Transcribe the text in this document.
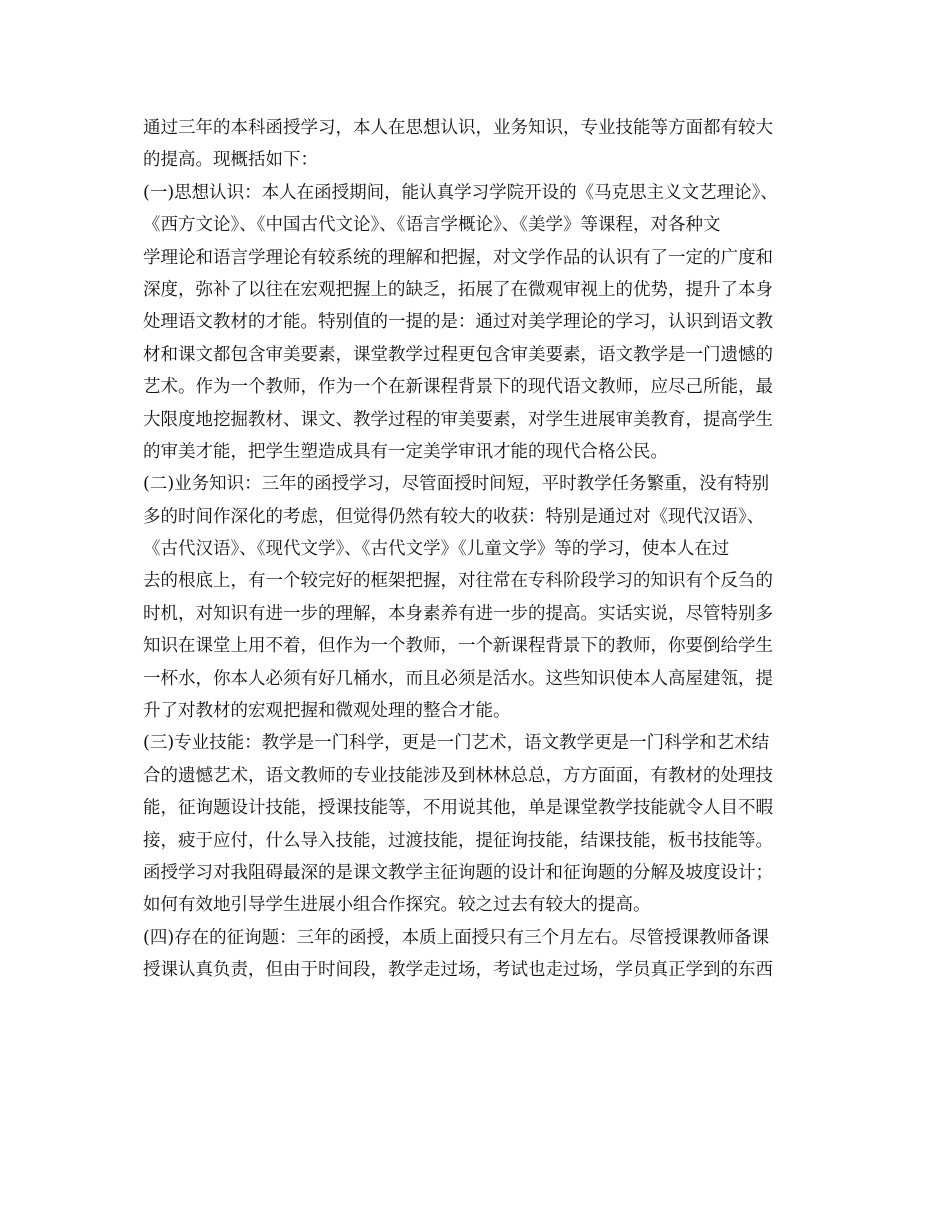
通过三年的本科函授学习，本人在思想认识，业务知识，专业技能等方面都有较大
的提高。现概括如下：
(一)思想认识：本人在函授期间，能认真学习学院开设的《马克思主义文艺理论》、
《西方文论》、《中国古代文论》、《语言学概论》、《美学》等课程，对各种文
学理论和语言学理论有较系统的理解和把握，对文学作品的认识有了一定的广度和
深度，弥补了以往在宏观把握上的缺乏，拓展了在微观审视上的优势，提升了本身
处理语文教材的才能。特别值的一提的是：通过对美学理论的学习，认识到语文教
材和课文都包含审美要素，课堂教学过程更包含审美要素，语文教学是一门遗憾的
艺术。作为一个教师，作为一个在新课程背景下的现代语文教师，应尽己所能，最
大限度地挖掘教材、课文、教学过程的审美要素，对学生进展审美教育，提高学生
的审美才能，把学生塑造成具有一定美学审讯才能的现代合格公民。
(二)业务知识：三年的函授学习，尽管面授时间短，平时教学任务繁重，没有特别
多的时间作深化的考虑，但觉得仍然有较大的收获：特别是通过对《现代汉语》、
《古代汉语》、《现代文学》、《古代文学》《儿童文学》等的学习，使本人在过
去的根底上，有一个较完好的框架把握，对往常在专科阶段学习的知识有个反刍的
时机，对知识有进一步的理解，本身素养有进一步的提高。实话实说，尽管特别多
知识在课堂上用不着，但作为一个教师，一个新课程背景下的教师，你要倒给学生
一杯水，你本人必须有好几桶水，而且必须是活水。这些知识使本人高屋建瓴，提
升了对教材的宏观把握和微观处理的整合才能。
(三)专业技能：教学是一门科学，更是一门艺术，语文教学更是一门科学和艺术结
合的遗憾艺术，语文教师的专业技能涉及到林林总总，方方面面，有教材的处理技
能，征询题设计技能，授课技能等，不用说其他，单是课堂教学技能就令人目不暇
接，疲于应付，什么导入技能，过渡技能，提征询技能，结课技能，板书技能等。
函授学习对我阻碍最深的是课文教学主征询题的设计和征询题的分解及坡度设计；
如何有效地引导学生进展小组合作探究。较之过去有较大的提高。
(四)存在的征询题：三年的函授，本质上面授只有三个月左右。尽管授课教师备课
授课认真负责，但由于时间段，教学走过场，考试也走过场，学员真正学到的东西
